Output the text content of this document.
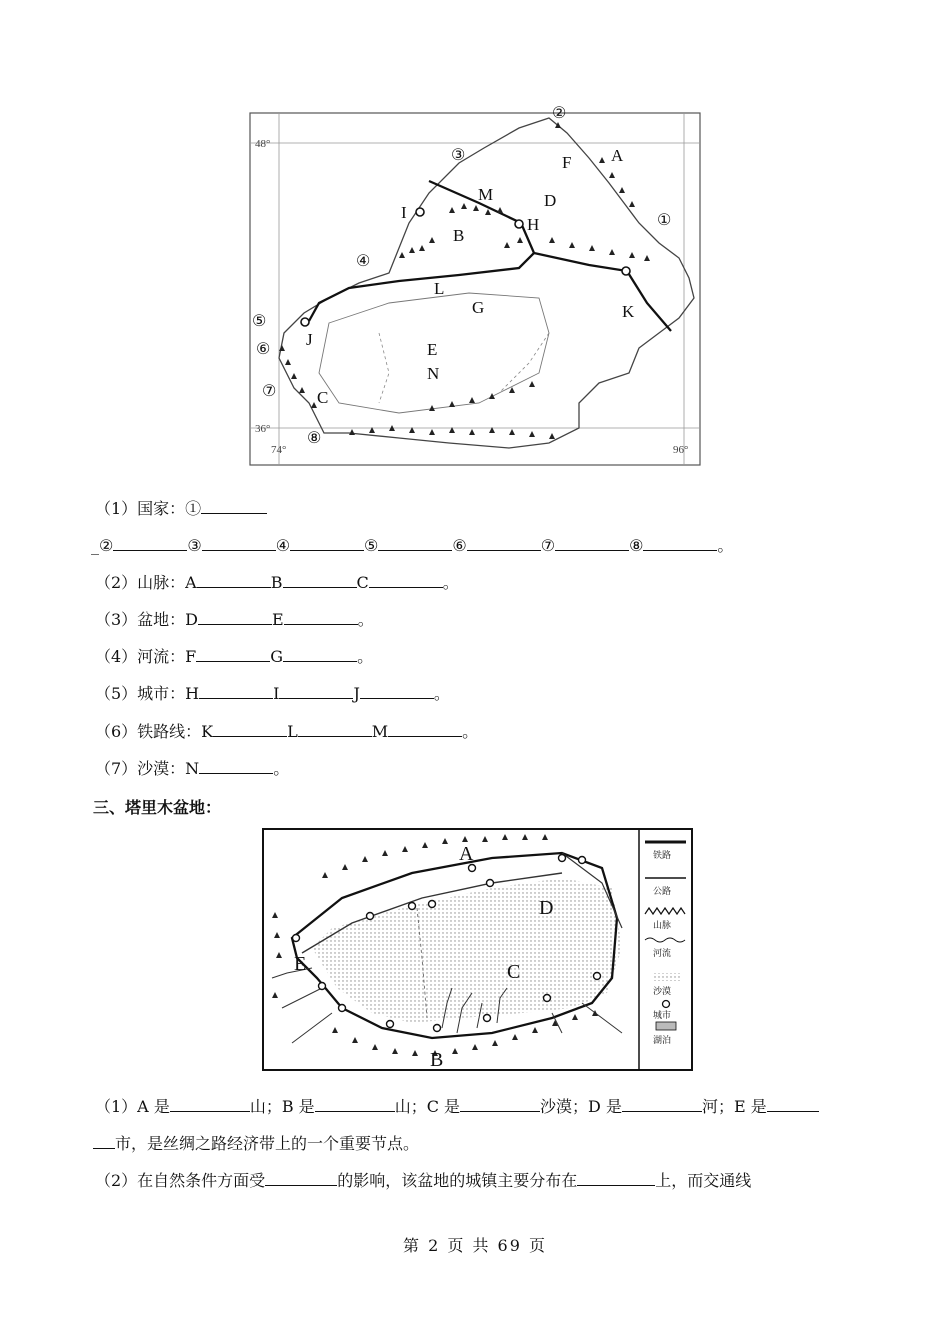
48°
36°
74°	96°
A
B
C
D
E
F
G
H
I
J
K
L
M
N
①
②
③
④
⑤
⑥
⑦
⑧
（1）国家：①
_②	③	④	⑤	⑥	⑦	⑧	。
（2）山脉：A	B	C	。
（3）盆地：D	E	。
（4）河流：F	G	。
（5）城市：H	I	J	。
（6）铁路线：K	L	M	。
（7）沙漠：N	。
三、塔里木盆地：
A
B
C
D
E
铁路
公路
山脉
河流
沙漠
城市
湖泊
（1）A 是	山；B 是	山；C 是	沙漠；D 是	河；E 是
市，是丝绸之路经济带上的一个重要节点。
（2）在自然条件方面受	的影响，该盆地的城镇主要分布在	上，而交通线
第 2 页 共 69 页
